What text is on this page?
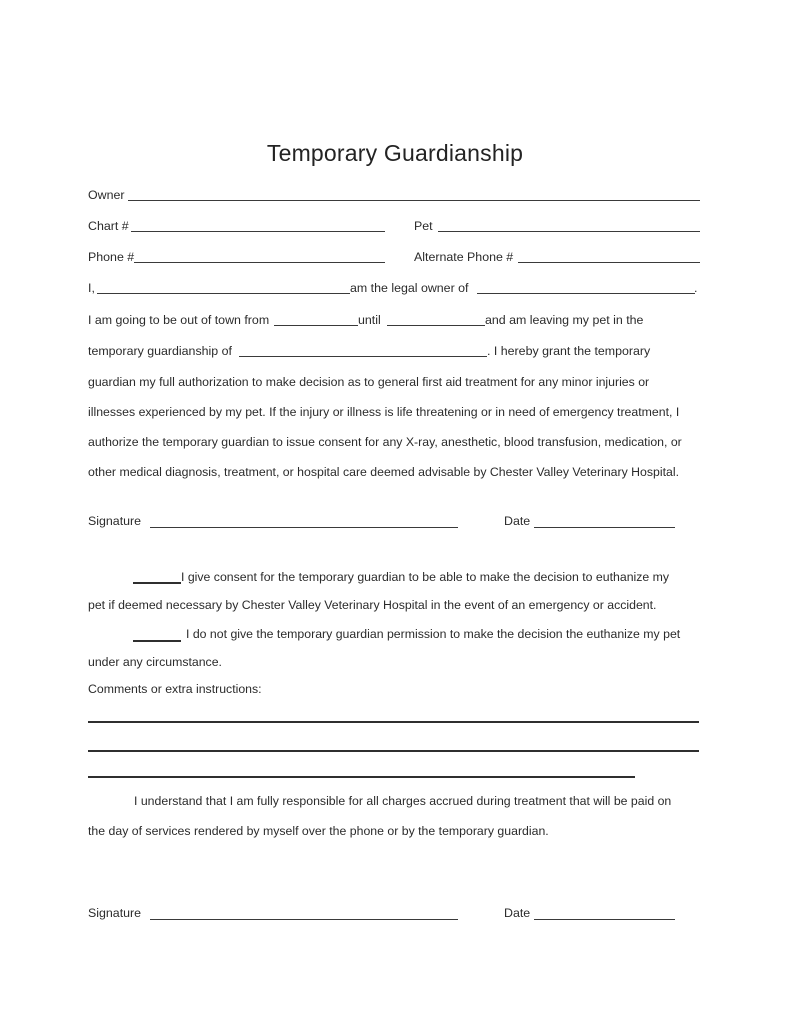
Temporary Guardianship
Owner
Chart #	Pet
Phone #	Alternate Phone #
I,	am the legal owner of	.
I am going to be out of town from	until	and am leaving my pet in the
temporary guardianship of	. I hereby grant the temporary
guardian my full authorization to make decision as to general first aid treatment for any minor injuries or
illnesses experienced by my pet. If the injury or illness is life threatening or in need of emergency treatment, I
authorize the temporary guardian to issue consent for any X-ray, anesthetic, blood transfusion, medication, or
other medical diagnosis, treatment, or hospital care deemed advisable by Chester Valley Veterinary Hospital.
Signature	Date
I give consent for the temporary guardian to be able to make the decision to euthanize my
pet if deemed necessary by Chester Valley Veterinary Hospital in the event of an emergency or accident.
I do not give the temporary guardian permission to make the decision the euthanize my pet
under any circumstance.
Comments or extra instructions:
I understand that I am fully responsible for all charges accrued during treatment that will be paid on
the day of services rendered by myself over the phone or by the temporary guardian.
Signature	Date
